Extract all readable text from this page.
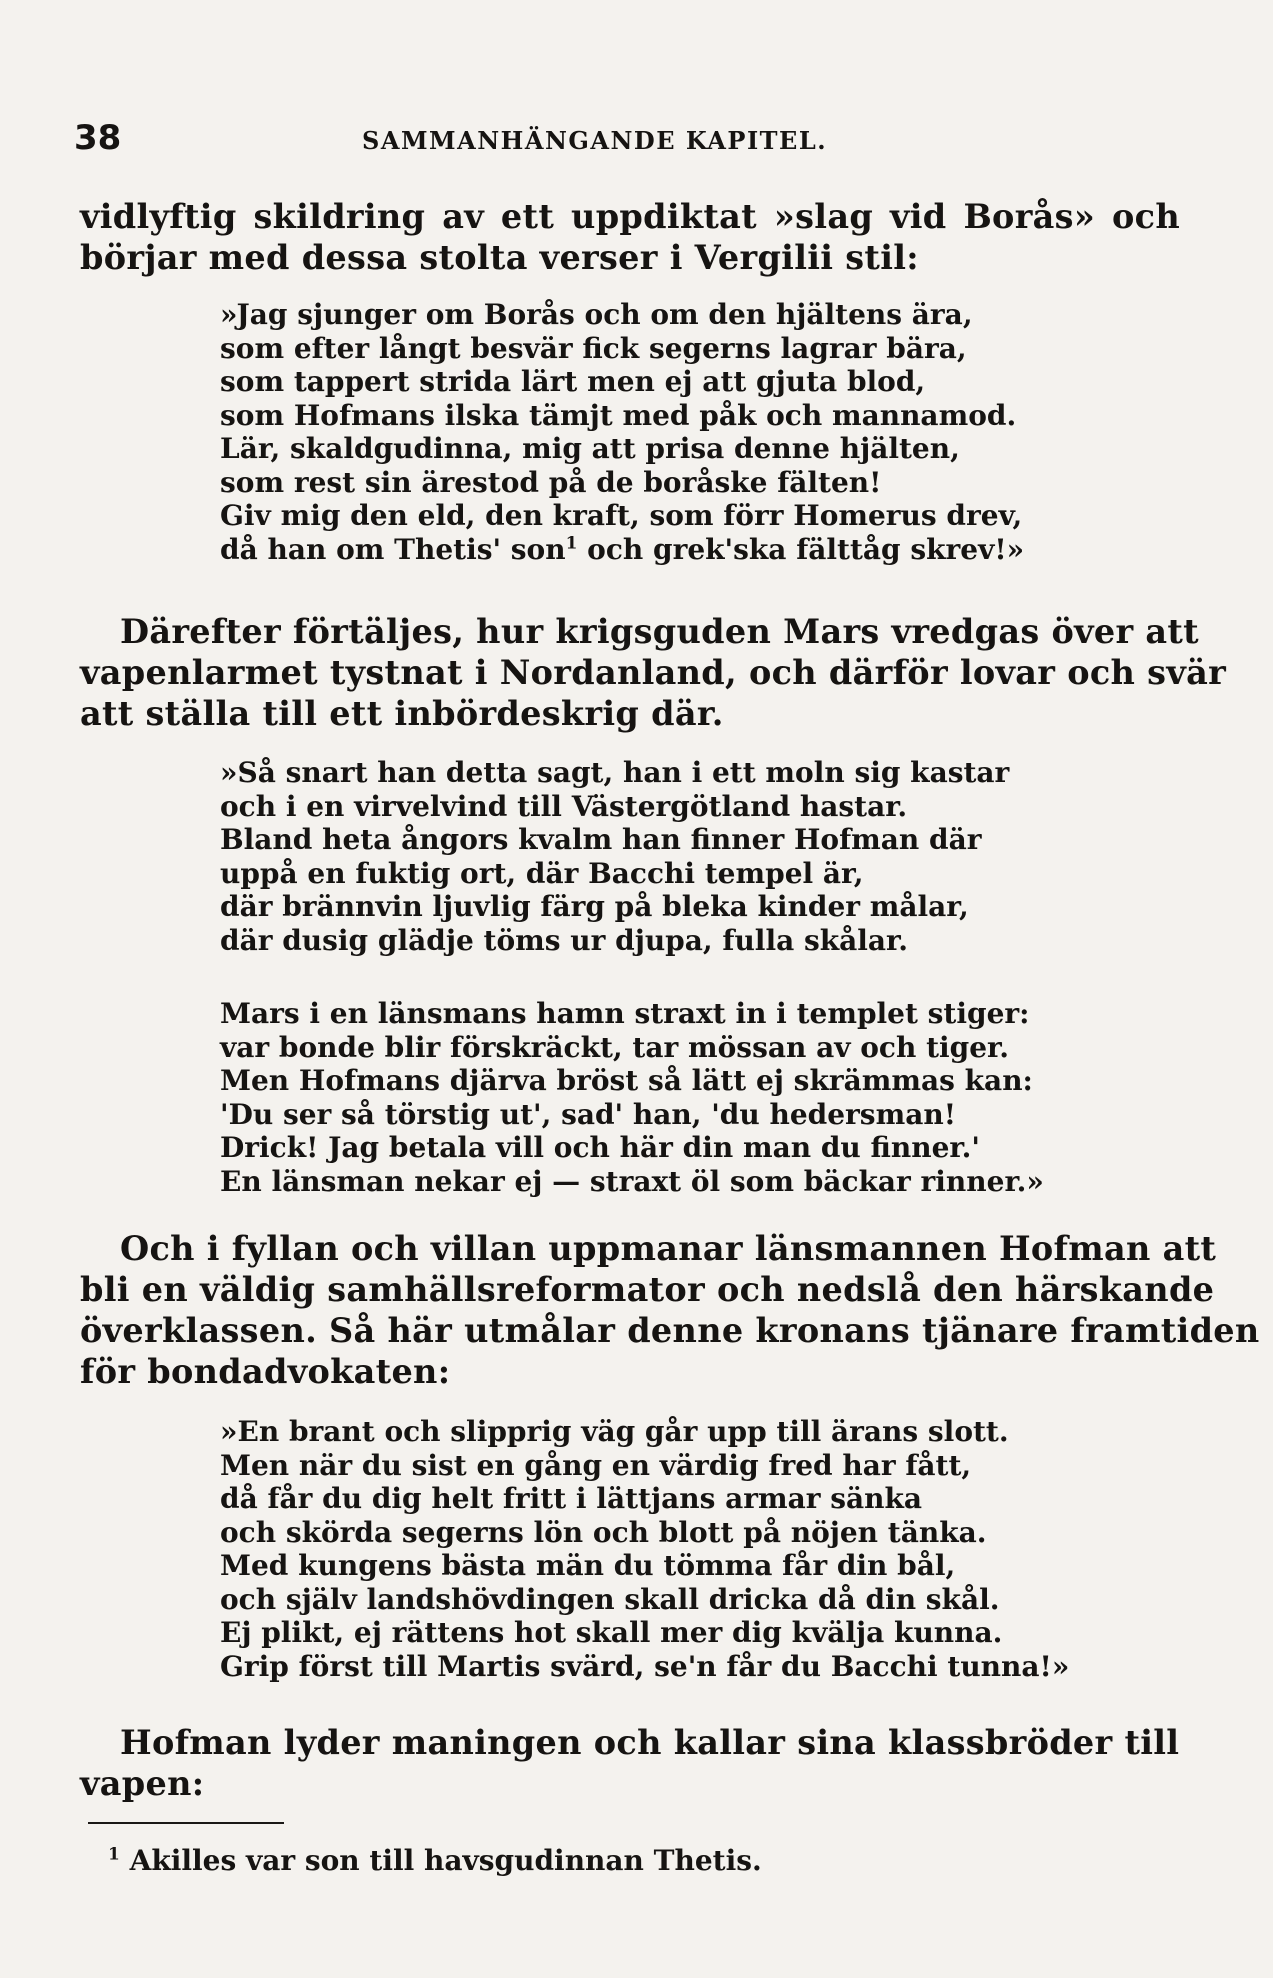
38	SAMMANHÄNGANDE KAPITEL.

vidlyftig skildring av ett uppdiktat »slag vid Borås» och
börjar med dessa stolta verser i Vergilii stil:

»Jag sjunger om Borås och om den hjältens ära,
som efter långt besvär fick segerns lagrar bära,
som tappert strida lärt men ej att gjuta blod,
som Hofmans ilska tämjt med påk och mannamod.
Lär, skaldgudinna, mig att prisa denne hjälten,
som rest sin ärestod på de boråske fälten!
Giv mig den eld, den kraft, som förr Homerus drev,
då han om Thetis' son$^1$ och grek'ska fälttåg skrev!»

Därefter förtäljes, hur krigsguden Mars vredgas över att
vapenlarmet tystnat i Nordanland, och därför lovar och svär
att ställa till ett inbördeskrig där.

»Så snart han detta sagt, han i ett moln sig kastar
och i en virvelvind till Västergötland hastar.
Bland heta ångors kvalm han finner Hofman där
uppå en fuktig ort, där Bacchi tempel är,
där brännvin ljuvlig färg på bleka kinder målar,
där dusig glädje töms ur djupa, fulla skålar.
Mars i en länsmans hamn straxt in i templet stiger:
var bonde blir förskräckt, tar mössan av och tiger.
Men Hofmans djärva bröst så lätt ej skrämmas kan:
'Du ser så törstig ut', sad' han, 'du hedersman!
Drick! Jag betala vill och här din man du finner.'
En länsman nekar ej — straxt öl som bäckar rinner.»

Och i fyllan och villan uppmanar länsmannen Hofman att
bli en väldig samhällsreformator och nedslå den härskande
överklassen. Så här utmålar denne kronans tjänare framtiden
för bondadvokaten:

»En brant och slipprig väg går upp till ärans slott.
Men när du sist en gång en värdig fred har fått,
då får du dig helt fritt i lättjans armar sänka
och skörda segerns lön och blott på nöjen tänka.
Med kungens bästa män du tömma får din bål,
och själv landshövdingen skall dricka då din skål.
Ej plikt, ej rättens hot skall mer dig kvälja kunna.
Grip först till Martis svärd, se'n får du Bacchi tunna!»

Hofman lyder maningen och kallar sina klassbröder till
vapen:

$^1$ Akilles var son till havsgudinnan Thetis.
